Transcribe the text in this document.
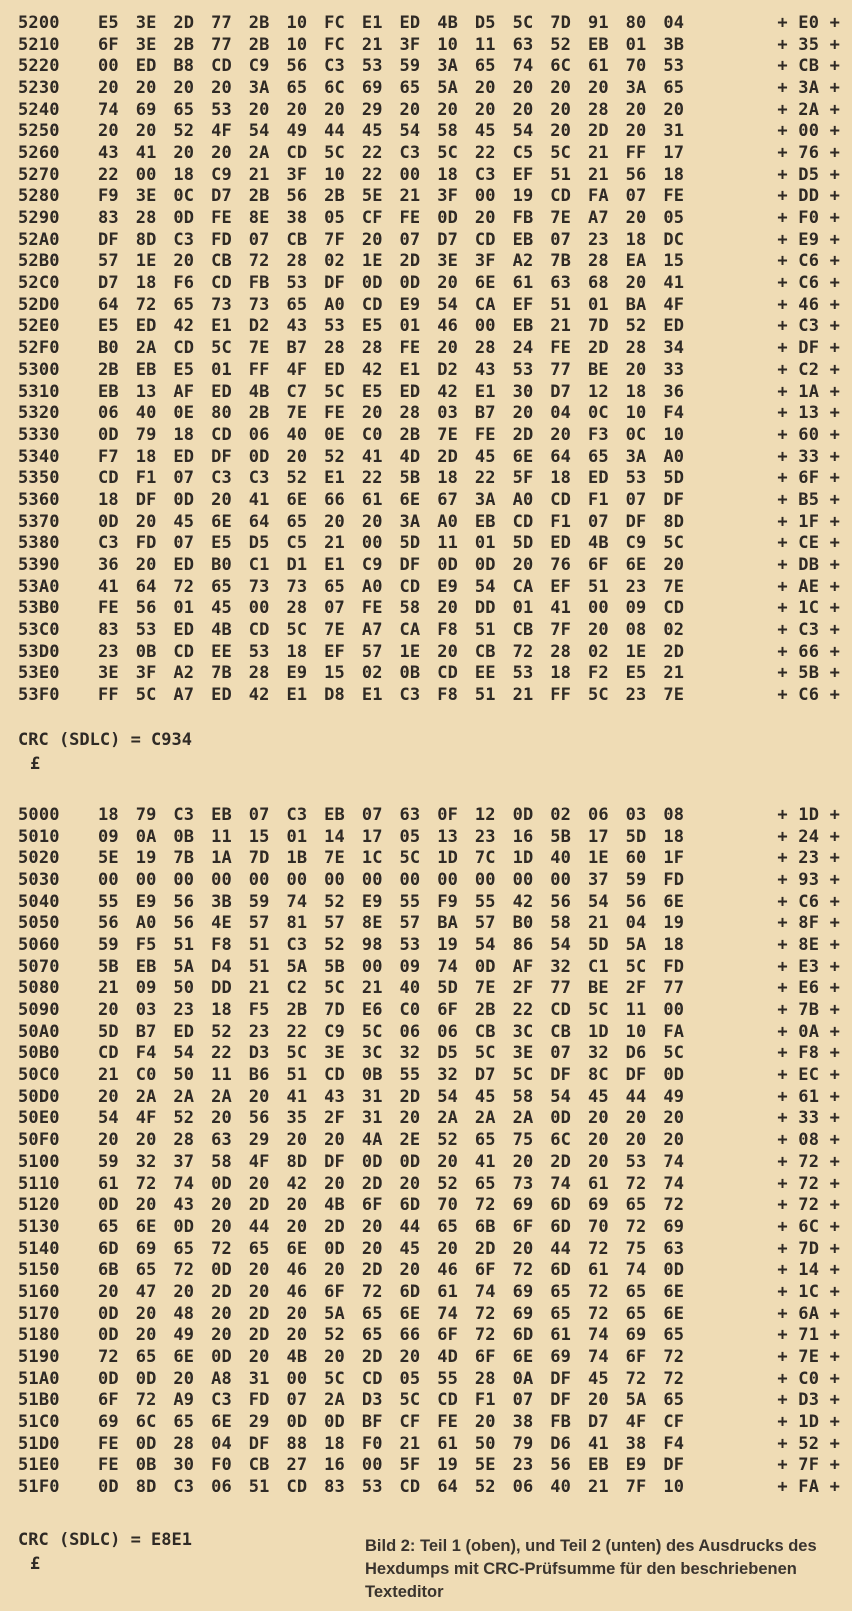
5200	E5 3E 2D 77 2B 10 FC E1 ED 4B D5 5C 7D 91 80 04	+ E0 +
5210	6F 3E 2B 77 2B 10 FC 21 3F 10 11 63 52 EB 01 3B	+ 35 +
5220	00 ED B8 CD C9 56 C3 53 59 3A 65 74 6C 61 70 53	+ CB +
5230	20 20 20 20 3A 65 6C 69 65 5A 20 20 20 20 3A 65	+ 3A +
5240	74 69 65 53 20 20 20 29 20 20 20 20 20 28 20 20	+ 2A +
5250	20 20 52 4F 54 49 44 45 54 58 45 54 20 2D 20 31	+ 00 +
5260	43 41 20 20 2A CD 5C 22 C3 5C 22 C5 5C 21 FF 17	+ 76 +
5270	22 00 18 C9 21 3F 10 22 00 18 C3 EF 51 21 56 18	+ D5 +
5280	F9 3E 0C D7 2B 56 2B 5E 21 3F 00 19 CD FA 07 FE	+ DD +
5290	83 28 0D FE 8E 38 05 CF FE 0D 20 FB 7E A7 20 05	+ F0 +
52A0	DF 8D C3 FD 07 CB 7F 20 07 D7 CD EB 07 23 18 DC	+ E9 +
52B0	57 1E 20 CB 72 28 02 1E 2D 3E 3F A2 7B 28 EA 15	+ C6 +
52C0	D7 18 F6 CD FB 53 DF 0D 0D 20 6E 61 63 68 20 41	+ C6 +
52D0	64 72 65 73 73 65 A0 CD E9 54 CA EF 51 01 BA 4F	+ 46 +
52E0	E5 ED 42 E1 D2 43 53 E5 01 46 00 EB 21 7D 52 ED	+ C3 +
52F0	B0 2A CD 5C 7E B7 28 28 FE 20 28 24 FE 2D 28 34	+ DF +
5300	2B EB E5 01 FF 4F ED 42 E1 D2 43 53 77 BE 20 33	+ C2 +
5310	EB 13 AF ED 4B C7 5C E5 ED 42 E1 30 D7 12 18 36	+ 1A +
5320	06 40 0E 80 2B 7E FE 20 28 03 B7 20 04 0C 10 F4	+ 13 +
5330	0D 79 18 CD 06 40 0E C0 2B 7E FE 2D 20 F3 0C 10	+ 60 +
5340	F7 18 ED DF 0D 20 52 41 4D 2D 45 6E 64 65 3A A0	+ 33 +
5350	CD F1 07 C3 C3 52 E1 22 5B 18 22 5F 18 ED 53 5D	+ 6F +
5360	18 DF 0D 20 41 6E 66 61 6E 67 3A A0 CD F1 07 DF	+ B5 +
5370	0D 20 45 6E 64 65 20 20 3A A0 EB CD F1 07 DF 8D	+ 1F +
5380	C3 FD 07 E5 D5 C5 21 00 5D 11 01 5D ED 4B C9 5C	+ CE +
5390	36 20 ED B0 C1 D1 E1 C9 DF 0D 0D 20 76 6F 6E 20	+ DB +
53A0	41 64 72 65 73 73 65 A0 CD E9 54 CA EF 51 23 7E	+ AE +
53B0	FE 56 01 45 00 28 07 FE 58 20 DD 01 41 00 09 CD	+ 1C +
53C0	83 53 ED 4B CD 5C 7E A7 CA F8 51 CB 7F 20 08 02	+ C3 +
53D0	23 0B CD EE 53 18 EF 57 1E 20 CB 72 28 02 1E 2D	+ 66 +
53E0	3E 3F A2 7B 28 E9 15 02 0B CD EE 53 18 F2 E5 21	+ 5B +
53F0	FF 5C A7 ED 42 E1 D8 E1 C3 F8 51 21 FF 5C 23 7E	+ C6 +
CRC (SDLC) = C934
£
5000	18 79 C3 EB 07 C3 EB 07 63 0F 12 0D 02 06 03 08	+ 1D +
5010	09 0A 0B 11 15 01 14 17 05 13 23 16 5B 17 5D 18	+ 24 +
5020	5E 19 7B 1A 7D 1B 7E 1C 5C 1D 7C 1D 40 1E 60 1F	+ 23 +
5030	00 00 00 00 00 00 00 00 00 00 00 00 00 37 59 FD	+ 93 +
5040	55 E9 56 3B 59 74 52 E9 55 F9 55 42 56 54 56 6E	+ C6 +
5050	56 A0 56 4E 57 81 57 8E 57 BA 57 B0 58 21 04 19	+ 8F +
5060	59 F5 51 F8 51 C3 52 98 53 19 54 86 54 5D 5A 18	+ 8E +
5070	5B EB 5A D4 51 5A 5B 00 09 74 0D AF 32 C1 5C FD	+ E3 +
5080	21 09 50 DD 21 C2 5C 21 40 5D 7E 2F 77 BE 2F 77	+ E6 +
5090	20 03 23 18 F5 2B 7D E6 C0 6F 2B 22 CD 5C 11 00	+ 7B +
50A0	5D B7 ED 52 23 22 C9 5C 06 06 CB 3C CB 1D 10 FA	+ 0A +
50B0	CD F4 54 22 D3 5C 3E 3C 32 D5 5C 3E 07 32 D6 5C	+ F8 +
50C0	21 C0 50 11 B6 51 CD 0B 55 32 D7 5C DF 8C DF 0D	+ EC +
50D0	20 2A 2A 2A 20 41 43 31 2D 54 45 58 54 45 44 49	+ 61 +
50E0	54 4F 52 20 56 35 2F 31 20 2A 2A 2A 0D 20 20 20	+ 33 +
50F0	20 20 28 63 29 20 20 4A 2E 52 65 75 6C 20 20 20	+ 08 +
5100	59 32 37 58 4F 8D DF 0D 0D 20 41 20 2D 20 53 74	+ 72 +
5110	61 72 74 0D 20 42 20 2D 20 52 65 73 74 61 72 74	+ 72 +
5120	0D 20 43 20 2D 20 4B 6F 6D 70 72 69 6D 69 65 72	+ 72 +
5130	65 6E 0D 20 44 20 2D 20 44 65 6B 6F 6D 70 72 69	+ 6C +
5140	6D 69 65 72 65 6E 0D 20 45 20 2D 20 44 72 75 63	+ 7D +
5150	6B 65 72 0D 20 46 20 2D 20 46 6F 72 6D 61 74 0D	+ 14 +
5160	20 47 20 2D 20 46 6F 72 6D 61 74 69 65 72 65 6E	+ 1C +
5170	0D 20 48 20 2D 20 5A 65 6E 74 72 69 65 72 65 6E	+ 6A +
5180	0D 20 49 20 2D 20 52 65 66 6F 72 6D 61 74 69 65	+ 71 +
5190	72 65 6E 0D 20 4B 20 2D 20 4D 6F 6E 69 74 6F 72	+ 7E +
51A0	0D 0D 20 A8 31 00 5C CD 05 55 28 0A DF 45 72 72	+ C0 +
51B0	6F 72 A9 C3 FD 07 2A D3 5C CD F1 07 DF 20 5A 65	+ D3 +
51C0	69 6C 65 6E 29 0D 0D BF CF FE 20 38 FB D7 4F CF	+ 1D +
51D0	FE 0D 28 04 DF 88 18 F0 21 61 50 79 D6 41 38 F4	+ 52 +
51E0	FE 0B 30 F0 CB 27 16 00 5F 19 5E 23 56 EB E9 DF	+ 7F +
51F0	0D 8D C3 06 51 CD 83 53 CD 64 52 06 40 21 7F 10	+ FA +
CRC (SDLC) = E8E1
£
Bild 2: Teil 1 (oben), und Teil 2 (unten) des Ausdrucks des Hexdumps mit CRC-Prüfsumme für den beschriebenen Texteditor
